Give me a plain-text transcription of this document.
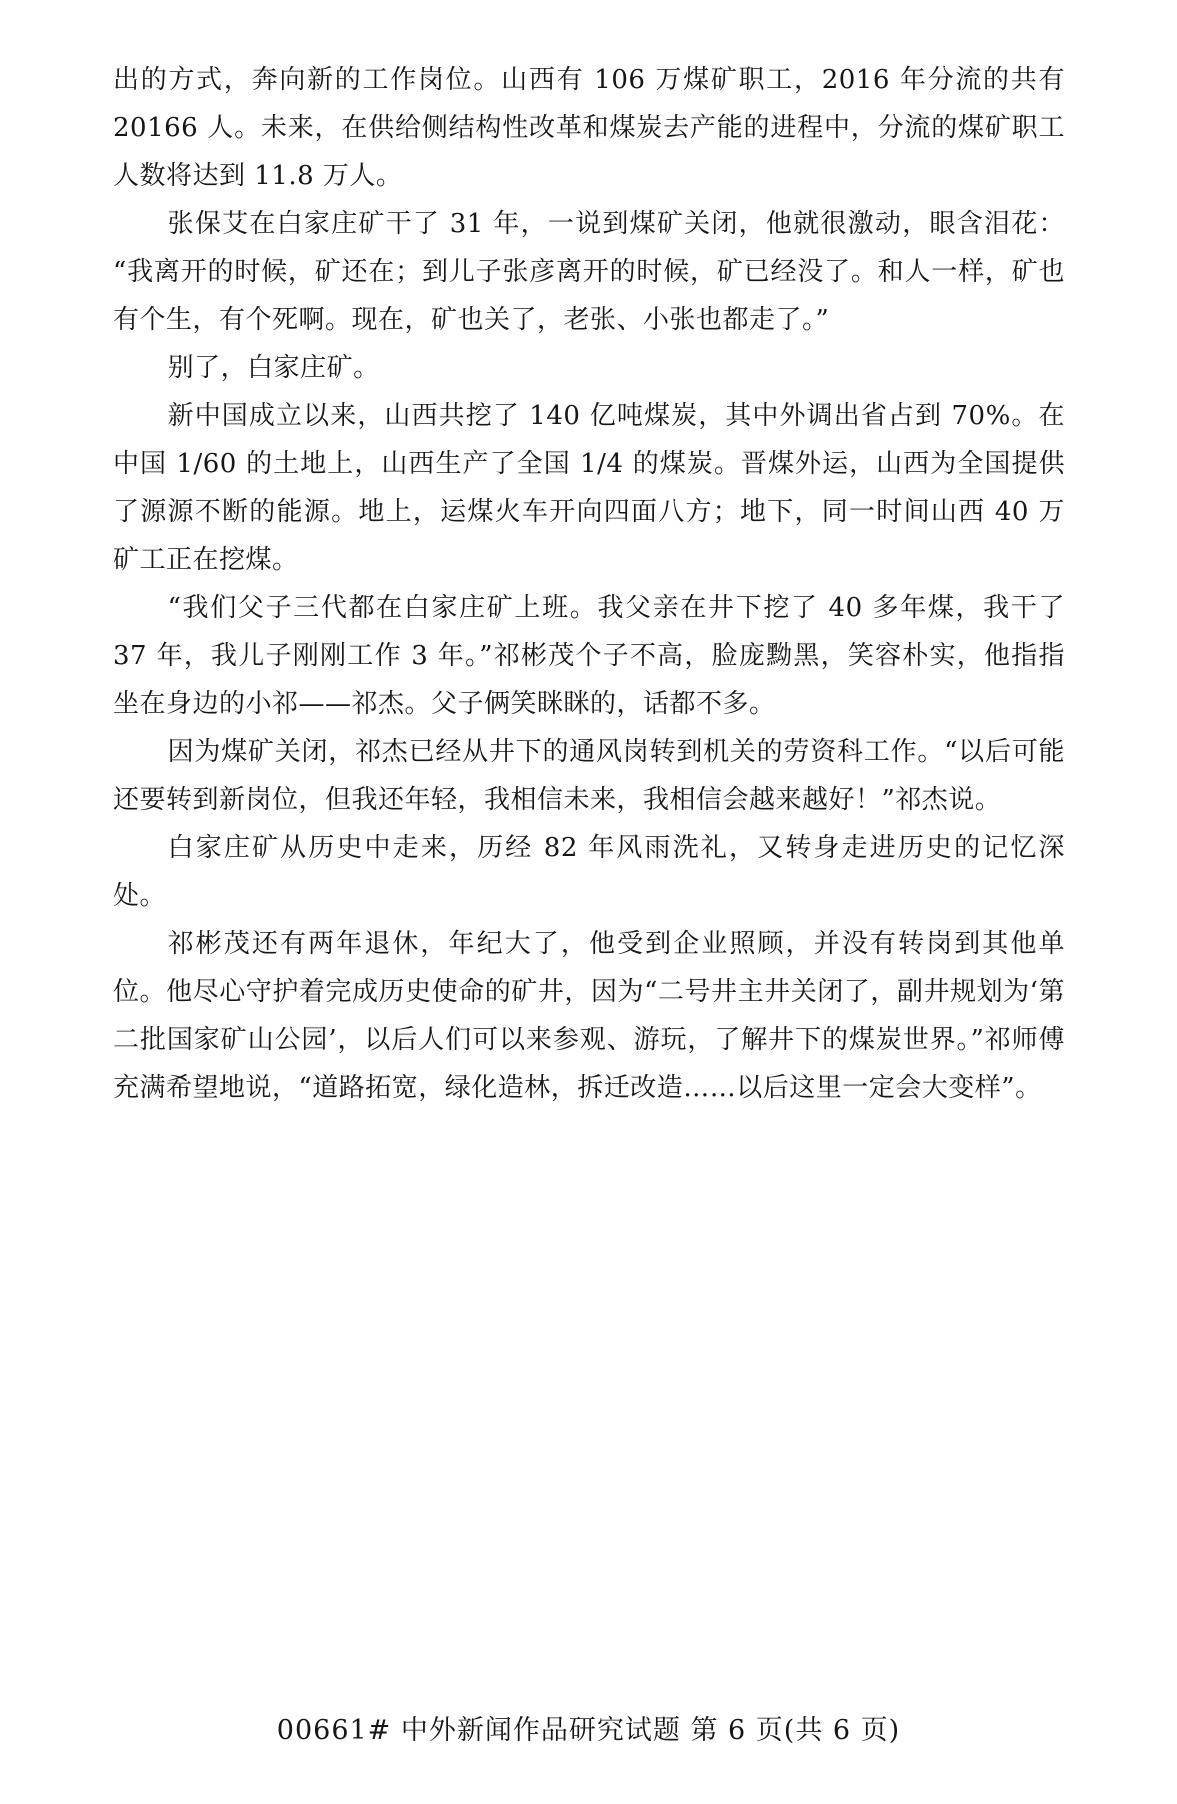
出的方式，奔向新的工作岗位。山西有 106 万煤矿职工，2016 年分流的共有 20166 人。未来，在供给侧结构性改革和煤炭去产能的进程中，分流的煤矿职工人数将达到 11.8 万人。

张保艾在白家庄矿干了 31 年，一说到煤矿关闭，他就很激动，眼含泪花：“我离开的时候，矿还在；到儿子张彦离开的时候，矿已经没了。和人一样，矿也有个生，有个死啊。现在，矿也关了，老张、小张也都走了。”

别了，白家庄矿。

新中国成立以来，山西共挖了 140 亿吨煤炭，其中外调出省占到 70%。在中国 1/60 的土地上，山西生产了全国 1/4 的煤炭。晋煤外运，山西为全国提供了源源不断的能源。地上，运煤火车开向四面八方；地下，同一时间山西 40 万矿工正在挖煤。

“我们父子三代都在白家庄矿上班。我父亲在井下挖了 40 多年煤，我干了 37 年，我儿子刚刚工作 3 年。”祁彬茂个子不高，脸庞黝黑，笑容朴实，他指指坐在身边的小祁——祁杰。父子俩笑眯眯的，话都不多。

因为煤矿关闭，祁杰已经从井下的通风岗转到机关的劳资科工作。“以后可能还要转到新岗位，但我还年轻，我相信未来，我相信会越来越好！”祁杰说。

白家庄矿从历史中走来，历经 82 年风雨洗礼，又转身走进历史的记忆深处。

祁彬茂还有两年退休，年纪大了，他受到企业照顾，并没有转岗到其他单位。他尽心守护着完成历史使命的矿井，因为“二号井主井关闭了，副井规划为‘第二批国家矿山公园’，以后人们可以来参观、游玩，了解井下的煤炭世界。”祁师傅充满希望地说，“道路拓宽，绿化造林，拆迁改造……以后这里一定会大变样”。

00661# 中外新闻作品研究试题 第 6 页(共 6 页)
